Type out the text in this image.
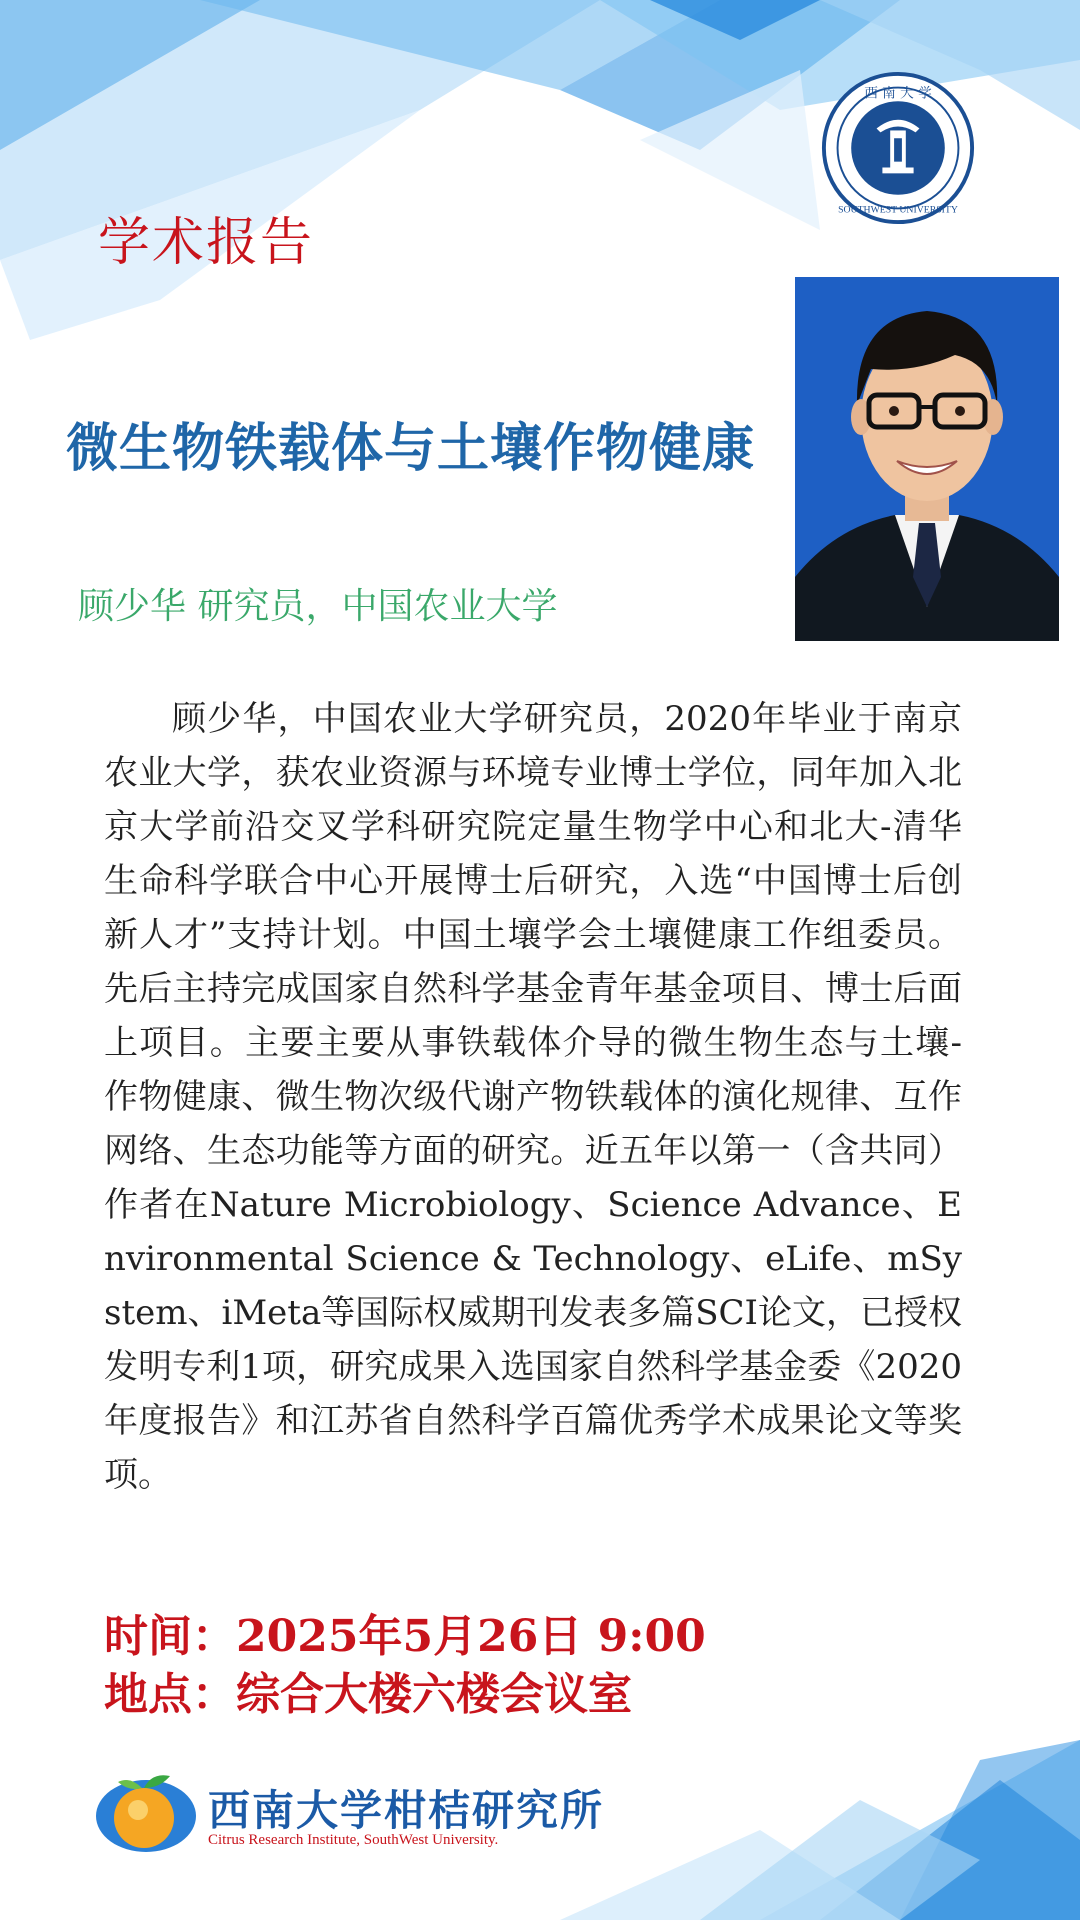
西 南 大 学
SOUTHWEST UNIVERSITY
学术报告
微生物铁载体与土壤作物健康
顾少华 研究员，中国农业大学
顾少华，中国农业大学研究员，2020年毕业于南京农业大学，获农业资源与环境专业博士学位，同年加入北京大学前沿交叉学科研究院定量生物学中心和北大-清华生命科学联合中心开展博士后研究，入选“中国博士后创新人才”支持计划。中国土壤学会土壤健康工作组委员。先后主持完成国家自然科学基金青年基金项目、博士后面上项目。主要主要从事铁载体介导的微生物生态与土壤-作物健康、微生物次级代谢产物铁载体的演化规律、互作网络、生态功能等方面的研究。近五年以第一（含共同）作者在Nature Microbiology、Science Advance、Environmental Science & Technology、eLife、mSystem、iMeta等国际权威期刊发表多篇SCI论文，已授权发明专利1项，研究成果入选国家自然科学基金委《2020年度报告》和江苏省自然科学百篇优秀学术成果论文等奖项。
时间：2025年5月26日 9:00
地点：综合大楼六楼会议室
西南大学柑桔研究所
Citrus Research Institute, SouthWest University.
